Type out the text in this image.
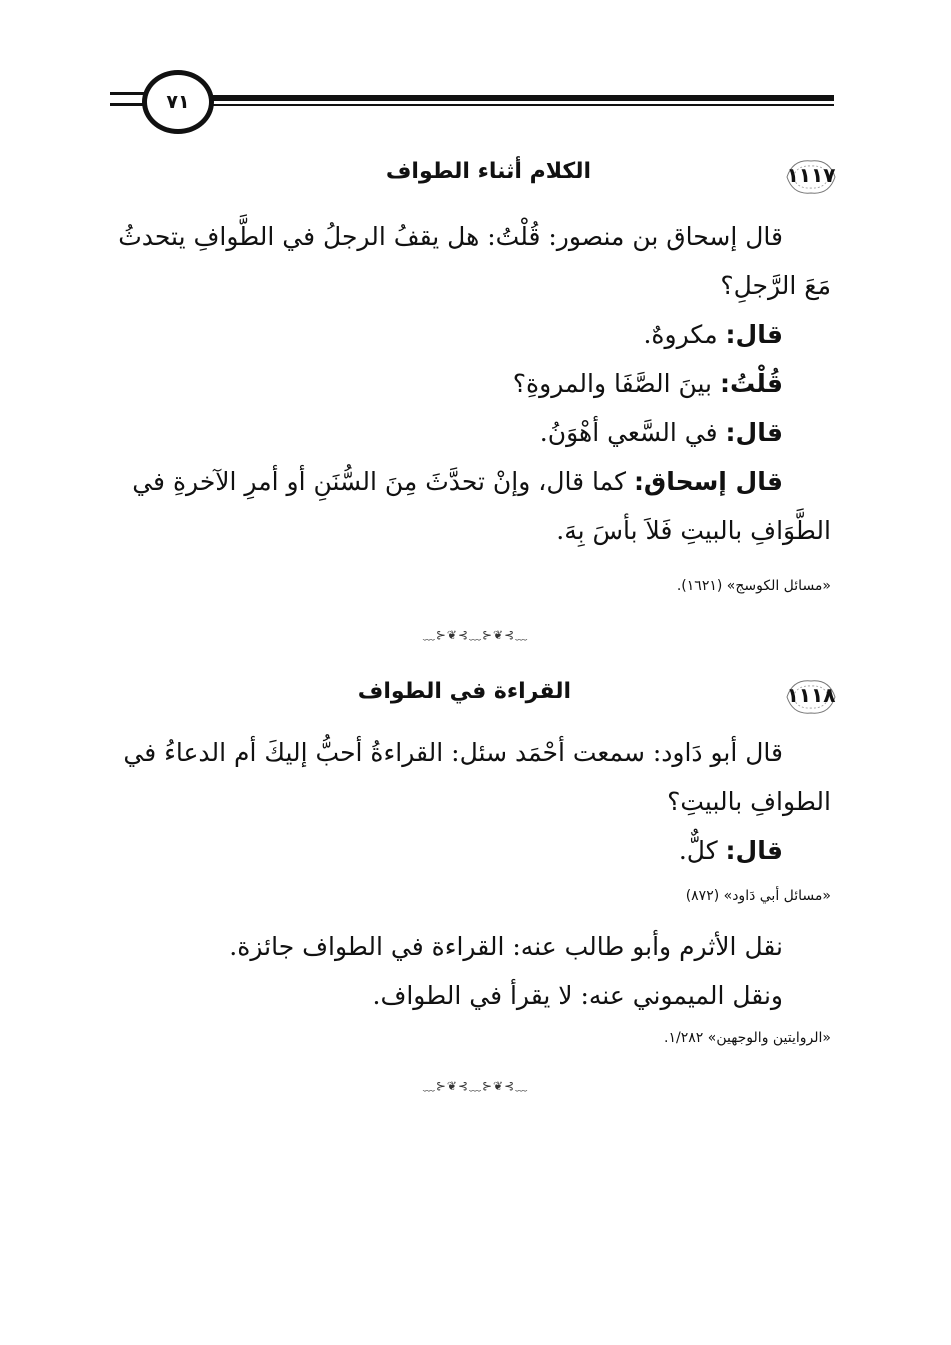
٧١
١١١٧
الكلام أثناء الطواف
قال إسحاق بن منصور: قُلْتُ: هل يقفُ الرجلُ في الطَّوافِ يتحدثُ
مَعَ الرَّجلِ؟
قال: مكروهٌ.
قُلْتُ: بينَ الصَّفَا والمروةِ؟
قال: في السَّعي أهْوَنُ.
قال إسحاق: كما قال، وإنْ تحدَّثَ مِنَ السُّنَنِ أو أمرِ الآخرةِ في
الطَّوَافِ بالبيتِ فَلاَ بأسَ بِهَ.
«مسائل الكوسج» (١٦٢١).
﹏⊱❦⊰﹏⊱❦⊰﹏
١١١٨
القراءة في الطواف
قال أبو دَاود: سمعت أحْمَد سئل: القراءةُ أحبُّ إليكَ أم الدعاءُ في
الطوافِ بالبيتِ؟
قال: كلٌّ.
«مسائل أبي دَاود» (٨٧٢)
نقل الأثرم وأبو طالب عنه: القراءة في الطواف جائزة.
ونقل الميموني عنه: لا يقرأ في الطواف.
«الروايتين والوجهين» ١/٢٨٢.
﹏⊱❦⊰﹏⊱❦⊰﹏
